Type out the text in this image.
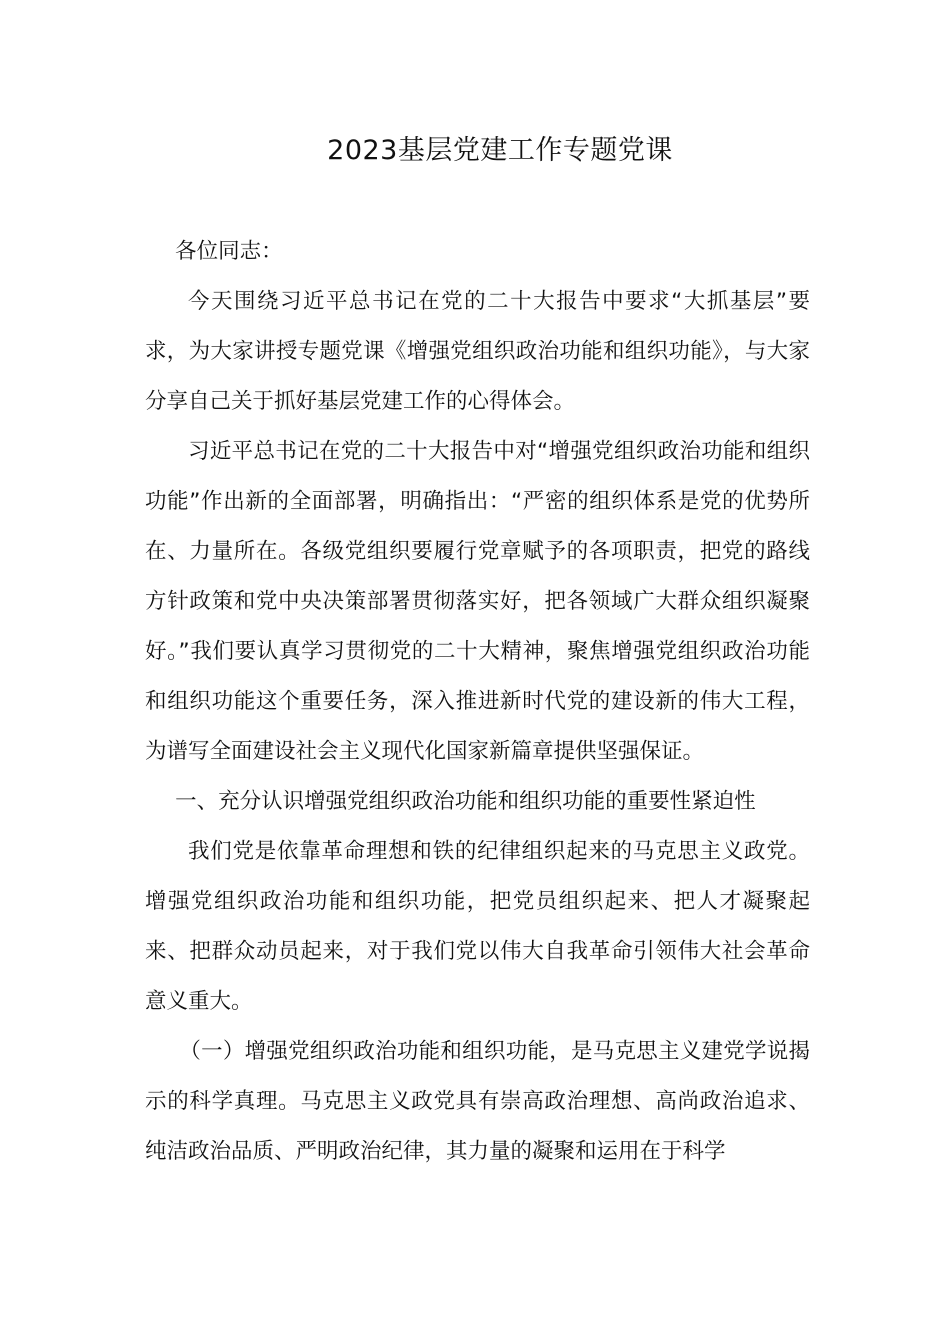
2023基层党建工作专题党课

各位同志：

今天围绕习近平总书记在党的二十大报告中要求“大抓基层”要求，为大家讲授专题党课《增强党组织政治功能和组织功能》，与大家分享自己关于抓好基层党建工作的心得体会。

习近平总书记在党的二十大报告中对“增强党组织政治功能和组织功能”作出新的全面部署，明确指出：“严密的组织体系是党的优势所在、力量所在。各级党组织要履行党章赋予的各项职责，把党的路线方针政策和党中央决策部署贯彻落实好，把各领域广大群众组织凝聚好。”我们要认真学习贯彻党的二十大精神，聚焦增强党组织政治功能和组织功能这个重要任务，深入推进新时代党的建设新的伟大工程，为谱写全面建设社会主义现代化国家新篇章提供坚强保证。

一、充分认识增强党组织政治功能和组织功能的重要性紧迫性

我们党是依靠革命理想和铁的纪律组织起来的马克思主义政党。增强党组织政治功能和组织功能，把党员组织起来、把人才凝聚起来、把群众动员起来，对于我们党以伟大自我革命引领伟大社会革命意义重大。

（一）增强党组织政治功能和组织功能，是马克思主义建党学说揭示的科学真理。马克思主义政党具有崇高政治理想、高尚政治追求、纯洁政治品质、严明政治纪律，其力量的凝聚和运用在于科学
